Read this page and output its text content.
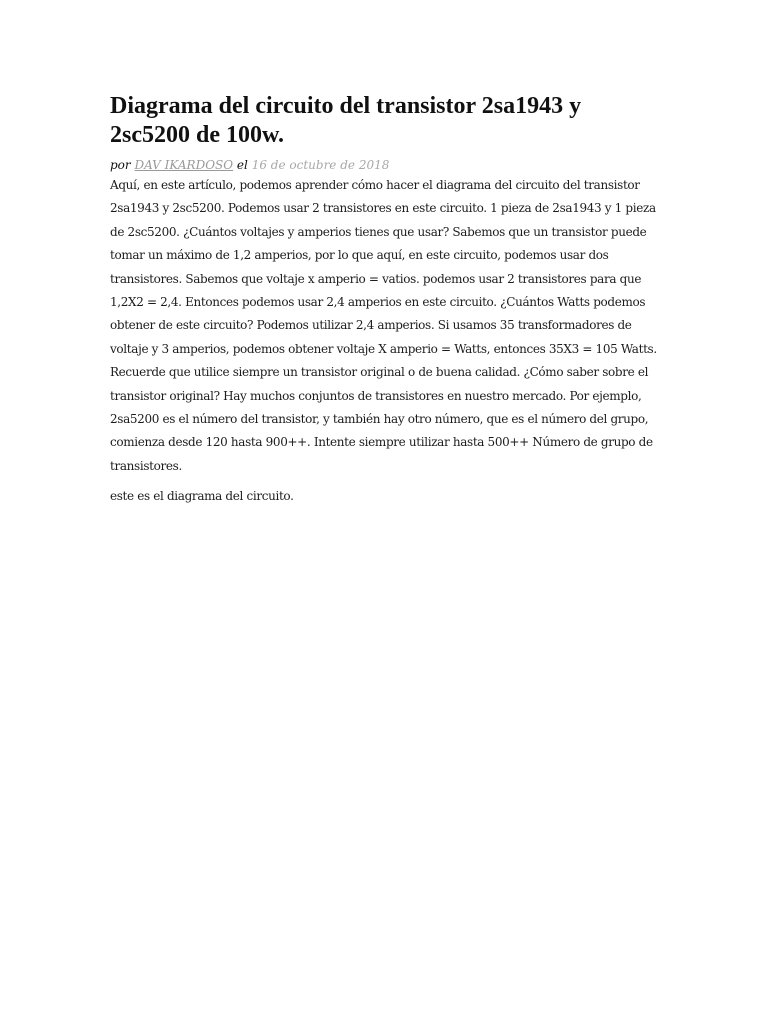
Diagrama del circuito del transistor 2sa1943 y 2sc5200 de 100w.
por DAV IKARDOSO el 16 de octubre de 2018

Aquí, en este artículo, podemos aprender cómo hacer el diagrama del circuito del transistor 2sa1943 y 2sc5200. Podemos usar 2 transistores en este circuito. 1 pieza de 2sa1943 y 1 pieza de 2sc5200. ¿Cuántos voltajes y amperios tienes que usar? Sabemos que un transistor puede tomar un máximo de 1,2 amperios, por lo que aquí, en este circuito, podemos usar dos transistores. Sabemos que voltaje x amperio = vatios. podemos usar 2 transistores para que 1,2X2 = 2,4. Entonces podemos usar 2,4 amperios en este circuito. ¿Cuántos Watts podemos obtener de este circuito? Podemos utilizar 2,4 amperios. Si usamos 35 transformadores de voltaje y 3 amperios, podemos obtener voltaje X amperio = Watts, entonces 35X3 = 105 Watts. Recuerde que utilice siempre un transistor original o de buena calidad. ¿Cómo saber sobre el transistor original? Hay muchos conjuntos de transistores en nuestro mercado. Por ejemplo, 2sa5200 es el número del transistor, y también hay otro número, que es el número del grupo, comienza desde 120 hasta 900++. Intente siempre utilizar hasta 500++ Número de grupo de transistores.

este es el diagrama del circuito.
